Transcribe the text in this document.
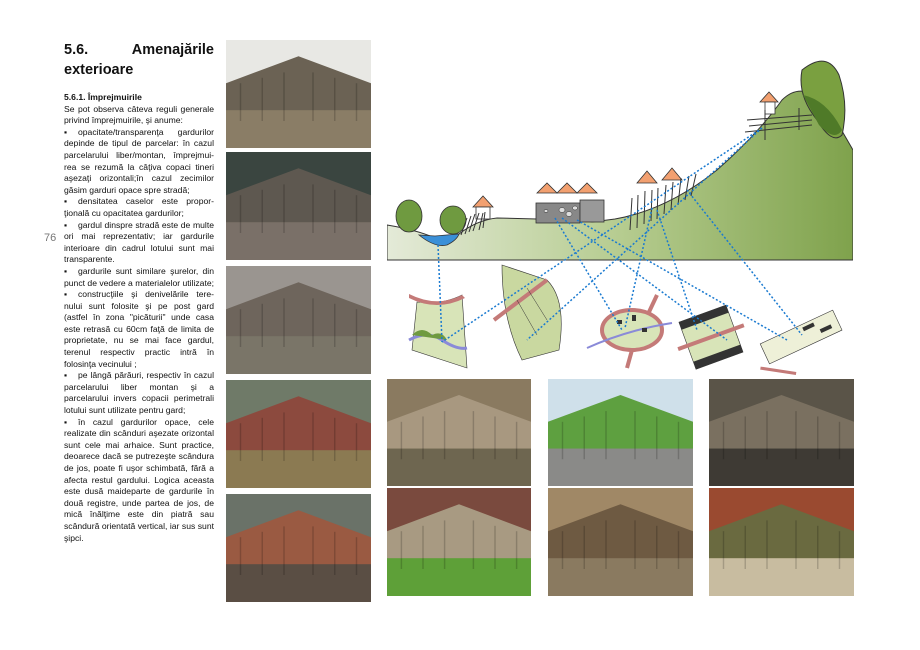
76
5.6.	Amenajările
exterioare
5.6.1. Împrejmuirile

Se pot observa câteva reguli generale privind împrejmuirile, şi anume:

▪ opacitate/transparenţa gardurilor depinde de tipul de parcelar: în cazul parcelarului liber/montan, împrejmui-rea se rezumă la câţiva copaci tineri aşezaţi orizontali;în cazul zecimilor găsim garduri opace spre stradă;

▪ densitatea caselor este propor-ţională cu opacitatea gardurilor;

▪ gardul dinspre stradă este de multe ori mai reprezentativ; iar gardurile interioare din cadrul lotului sunt mai transparente.

▪ gardurile sunt similare şurelor, din punct de vedere a materialelor utilizate;

▪ construcţiile şi denivelările tere-nului sunt folosite şi pe post gard (astfel în zona "picăturii" unde casa este retrasă cu 60cm faţă de limita de proprietate, nu se mai face gardul, terenul respectiv practic intră în folosinţa vecinului ;

▪ pe lângă părăuri, respectiv în cazul parcelarului liber montan şi a parcelarului invers copacii perimetrali lotului sunt utilizate pentru gard;

▪ în cazul gardurilor opace, cele realizate din scânduri aşezate orizontal sunt cele mai arhaice. Sunt practice, deoarece dacă se putrezeşte scândura de jos, poate fi uşor schimbată, fără a afecta restul gardului. Logica aceasta este dusă maideparte de gardurile în două registre, unde partea de jos, de mică înălţime este din piatră sau scândură orientată vertical, iar sus sunt şipci.
